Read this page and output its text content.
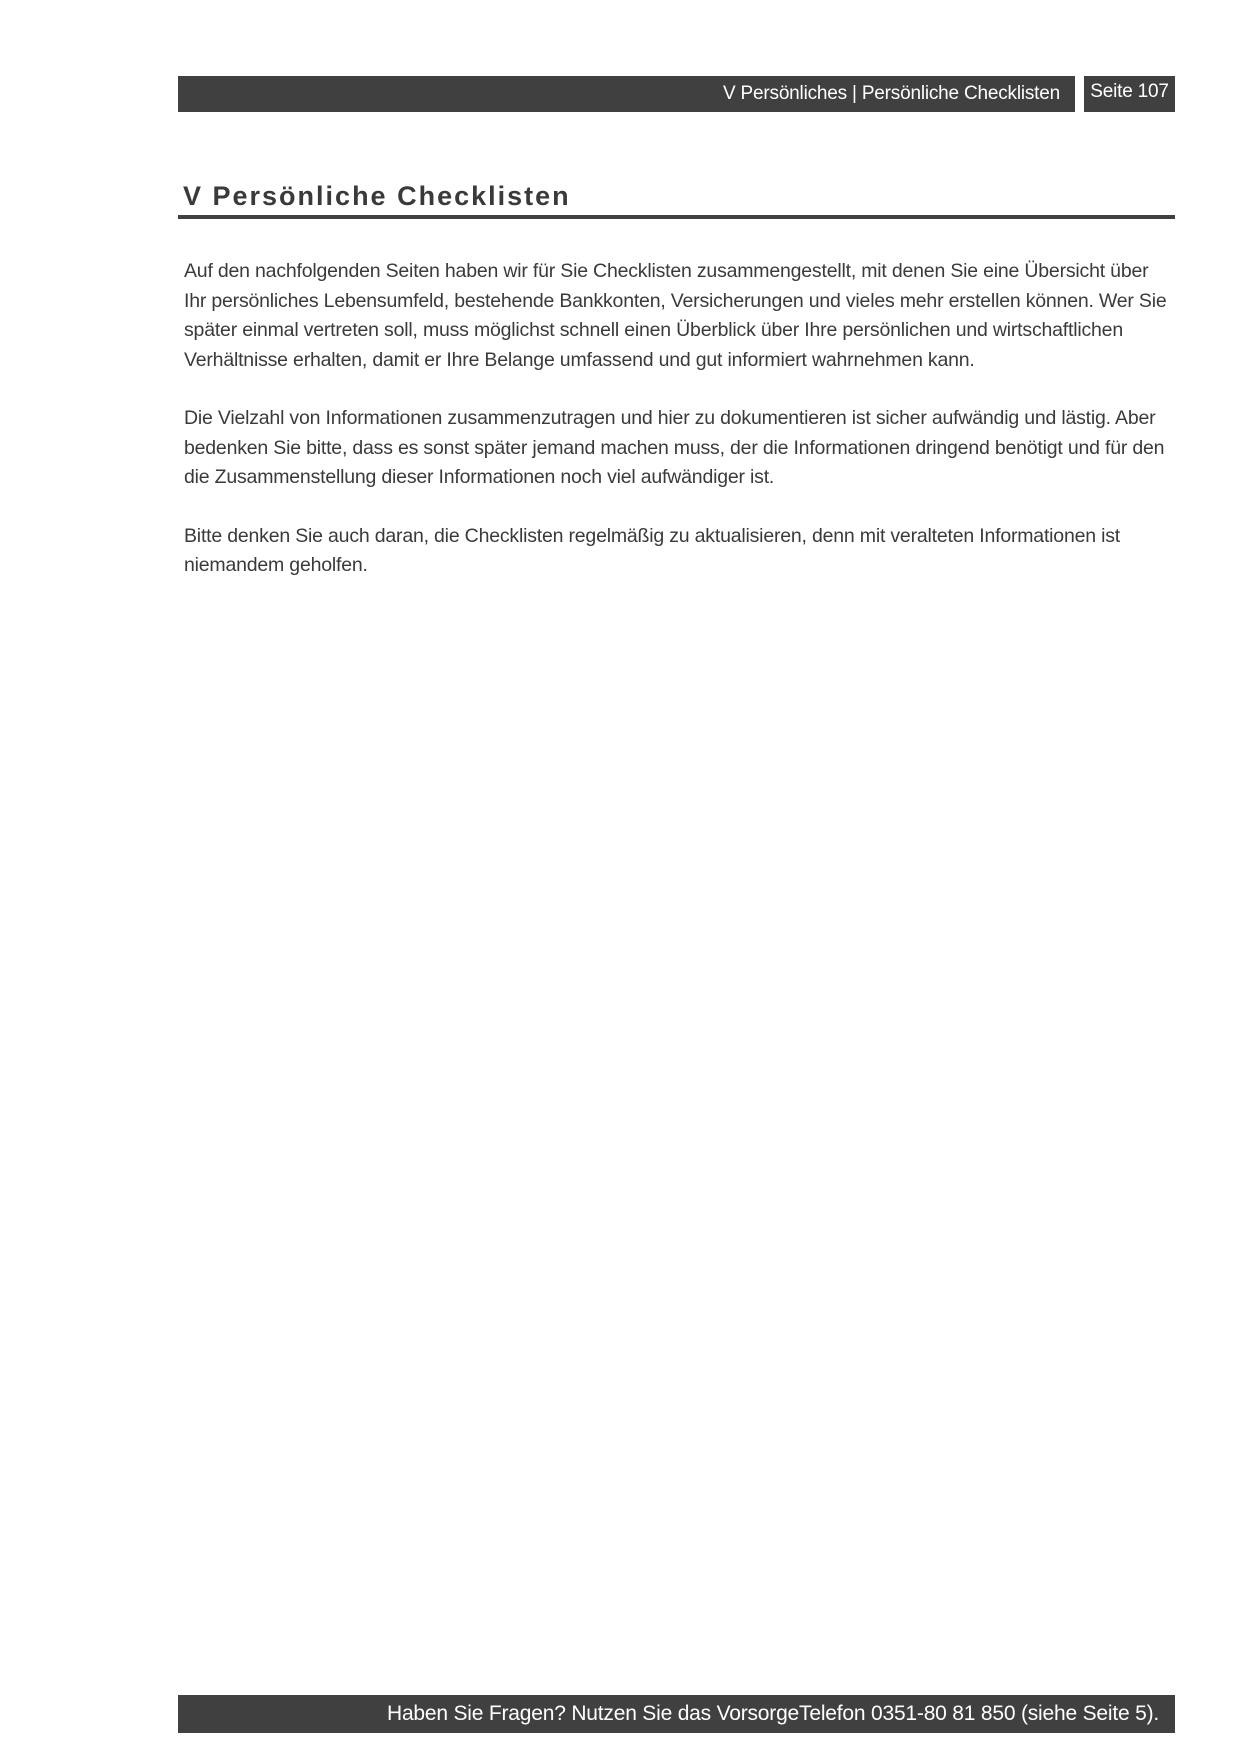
V Persönliches | Persönliche Checklisten	Seite 107
V Persönliche Checklisten

Auf den nachfolgenden Seiten haben wir für Sie Checklisten zusammengestellt, mit denen Sie eine Übersicht über Ihr persönliches Lebensumfeld, bestehende Bankkonten, Versicherungen und vieles mehr erstellen können. Wer Sie später einmal vertreten soll, muss möglichst schnell einen Überblick über Ihre persönlichen und wirtschaftlichen Verhältnisse erhalten, damit er Ihre Belange umfassend und gut informiert wahrnehmen kann.

Die Vielzahl von Informationen zusammenzutragen und hier zu dokumentieren ist sicher aufwändig und lästig. Aber bedenken Sie bitte, dass es sonst später jemand machen muss, der die Informationen dringend benötigt und für den die Zusammenstellung dieser Informationen noch viel aufwändiger ist.

Bitte denken Sie auch daran, die Checklisten regelmäßig zu aktualisieren, denn mit veralteten Informationen ist niemandem geholfen.

Haben Sie Fragen? Nutzen Sie das VorsorgeTelefon 0351-80 81 850 (siehe Seite 5).
